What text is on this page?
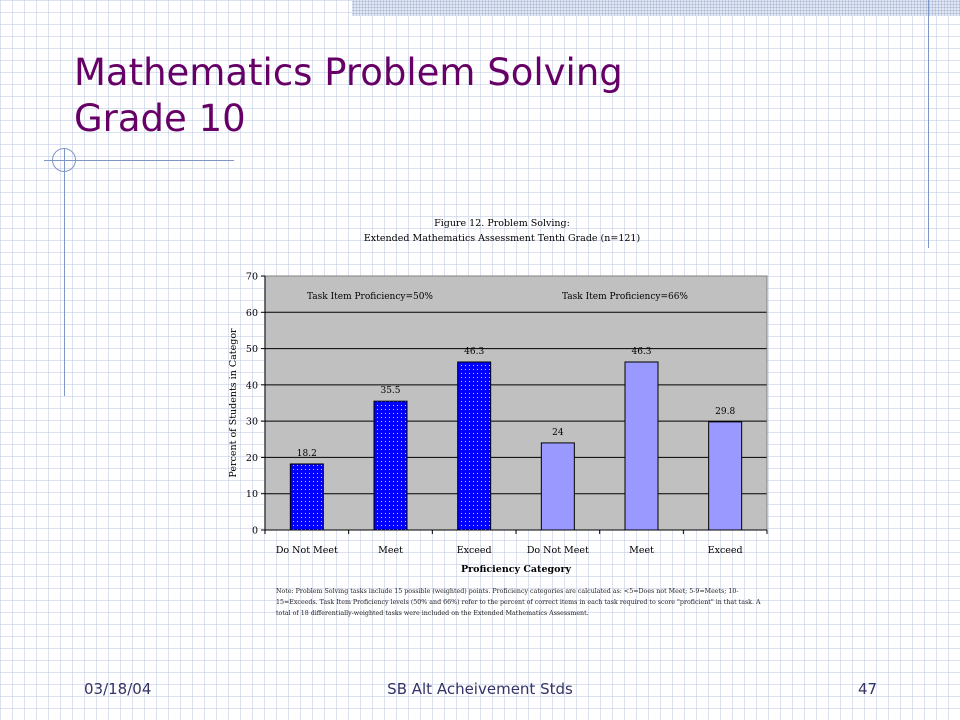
Mathematics Problem Solving
Grade 10
Figure 12. Problem Solving:
Extended Mathematics Assessment Tenth Grade (n=121)
18.2
35.5
46.3
24
46.3
29.8
0
10
20
30
40
50
60
70
Do Not Meet	Meet	Exceed	Do Not Meet	Meet	Exceed
Task Item Proficiency=50%	Task Item Proficiency=66%
Proficiency Category
Percent of Students in Categor

Note: Problem Solving tasks include 15 possible (weighted) points. Proficiency categories are calculated as: <5=Does not Meet; 5-9=Meets; 10-15=Exceeds. Task Item Proficiency levels (50% and 66%) refer to the percent of correct items in each task required to score "proficient" in that task. A total of 18 differentially-weighted tasks were included on the Extended Mathematics Assessment.

03/18/04	SB Alt Acheivement Stds	47
